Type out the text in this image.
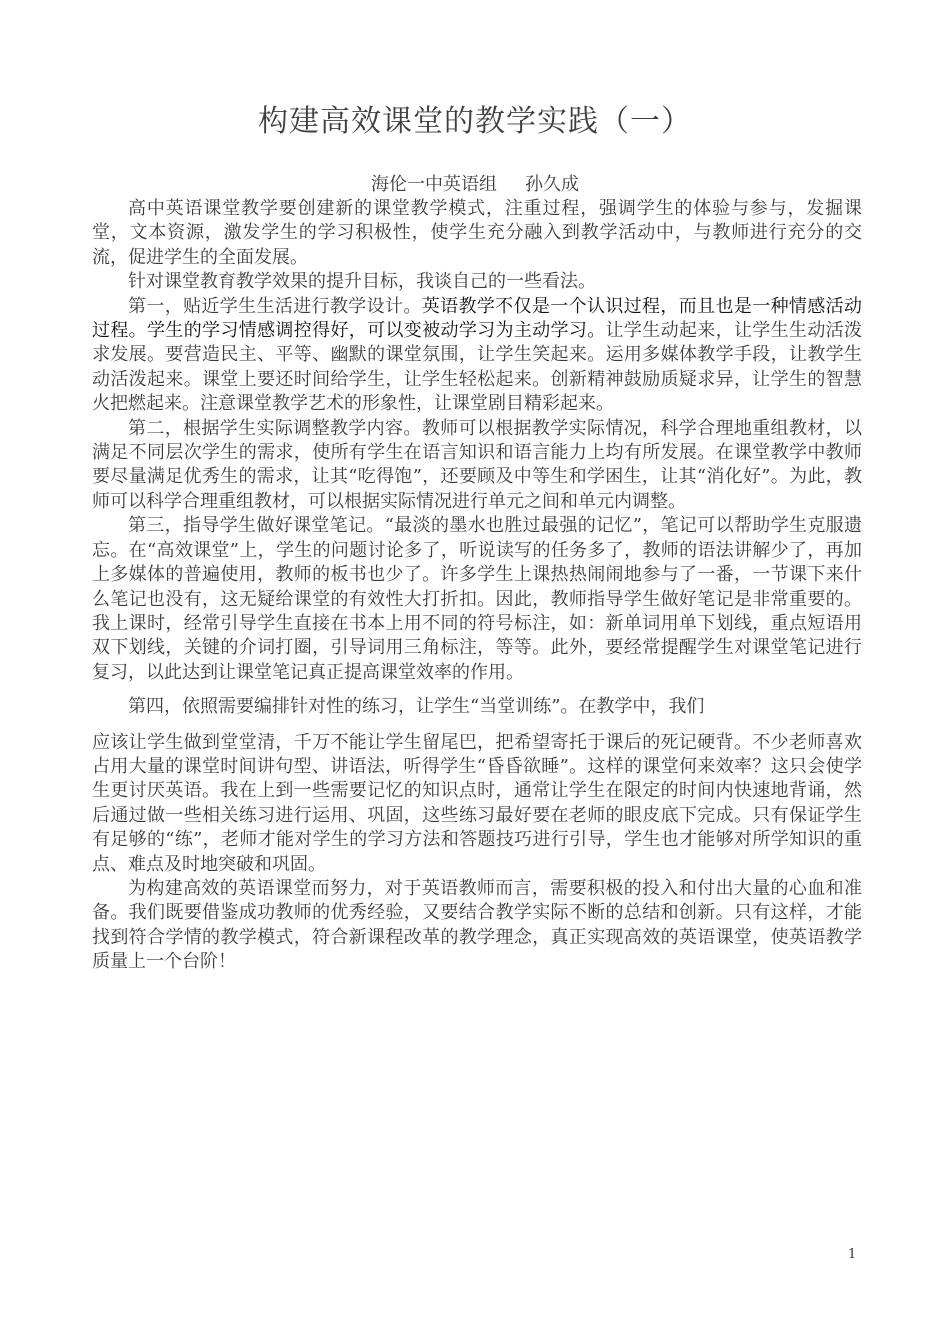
构建高效课堂的教学实践（一）
海伦一中英语组 孙久成

高中英语课堂教学要创建新的课堂教学模式，注重过程，强调学生的体验与参与，发掘课堂，文本资源，激发学生的学习积极性，使学生充分融入到教学活动中，与教师进行充分的交流，促进学生的全面发展。

针对课堂教育教学效果的提升目标，我谈自己的一些看法。

第一，贴近学生生活进行教学设计。英语教学不仅是一个认识过程，而且也是一种情感活动过程。学生的学习情感调控得好，可以变被动学习为主动学习。让学生动起来，让学生生动活泼求发展。要营造民主、平等、幽默的课堂氛围，让学生笑起来。运用多媒体教学手段，让教学生动活泼起来。课堂上要还时间给学生，让学生轻松起来。创新精神鼓励质疑求异，让学生的智慧火把燃起来。注意课堂教学艺术的形象性，让课堂剧目精彩起来。

第二，根据学生实际调整教学内容。教师可以根据教学实际情况，科学合理地重组教材，以满足不同层次学生的需求，使所有学生在语言知识和语言能力上均有所发展。在课堂教学中教师要尽量满足优秀生的需求，让其“吃得饱”，还要顾及中等生和学困生，让其“消化好”。为此，教师可以科学合理重组教材，可以根据实际情况进行单元之间和单元内调整。

第三，指导学生做好课堂笔记。“最淡的墨水也胜过最强的记忆”，笔记可以帮助学生克服遗忘。在“高效课堂”上，学生的问题讨论多了，听说读写的任务多了，教师的语法讲解少了，再加上多媒体的普遍使用，教师的板书也少了。许多学生上课热热闹闹地参与了一番，一节课下来什么笔记也没有，这无疑给课堂的有效性大打折扣。因此，教师指导学生做好笔记是非常重要的。我上课时，经常引导学生直接在书本上用不同的符号标注，如：新单词用单下划线，重点短语用双下划线，关键的介词打圈，引导词用三角标注，等等。此外，要经常提醒学生对课堂笔记进行复习，以此达到让课堂笔记真正提高课堂效率的作用。

第四，依照需要编排针对性的练习，让学生“当堂训练”。在教学中，我们

应该让学生做到堂堂清，千万不能让学生留尾巴，把希望寄托于课后的死记硬背。不少老师喜欢占用大量的课堂时间讲句型、讲语法，听得学生“昏昏欲睡”。这样的课堂何来效率？这只会使学生更讨厌英语。我在上到一些需要记忆的知识点时，通常让学生在限定的时间内快速地背诵，然后通过做一些相关练习进行运用、巩固，这些练习最好要在老师的眼皮底下完成。只有保证学生有足够的“练”，老师才能对学生的学习方法和答题技巧进行引导，学生也才能够对所学知识的重点、难点及时地突破和巩固。

为构建高效的英语课堂而努力，对于英语教师而言，需要积极的投入和付出大量的心血和准备。我们既要借鉴成功教师的优秀经验，又要结合教学实际不断的总结和创新。只有这样，才能找到符合学情的教学模式，符合新课程改革的教学理念，真正实现高效的英语课堂，使英语教学质量上一个台阶！

1
